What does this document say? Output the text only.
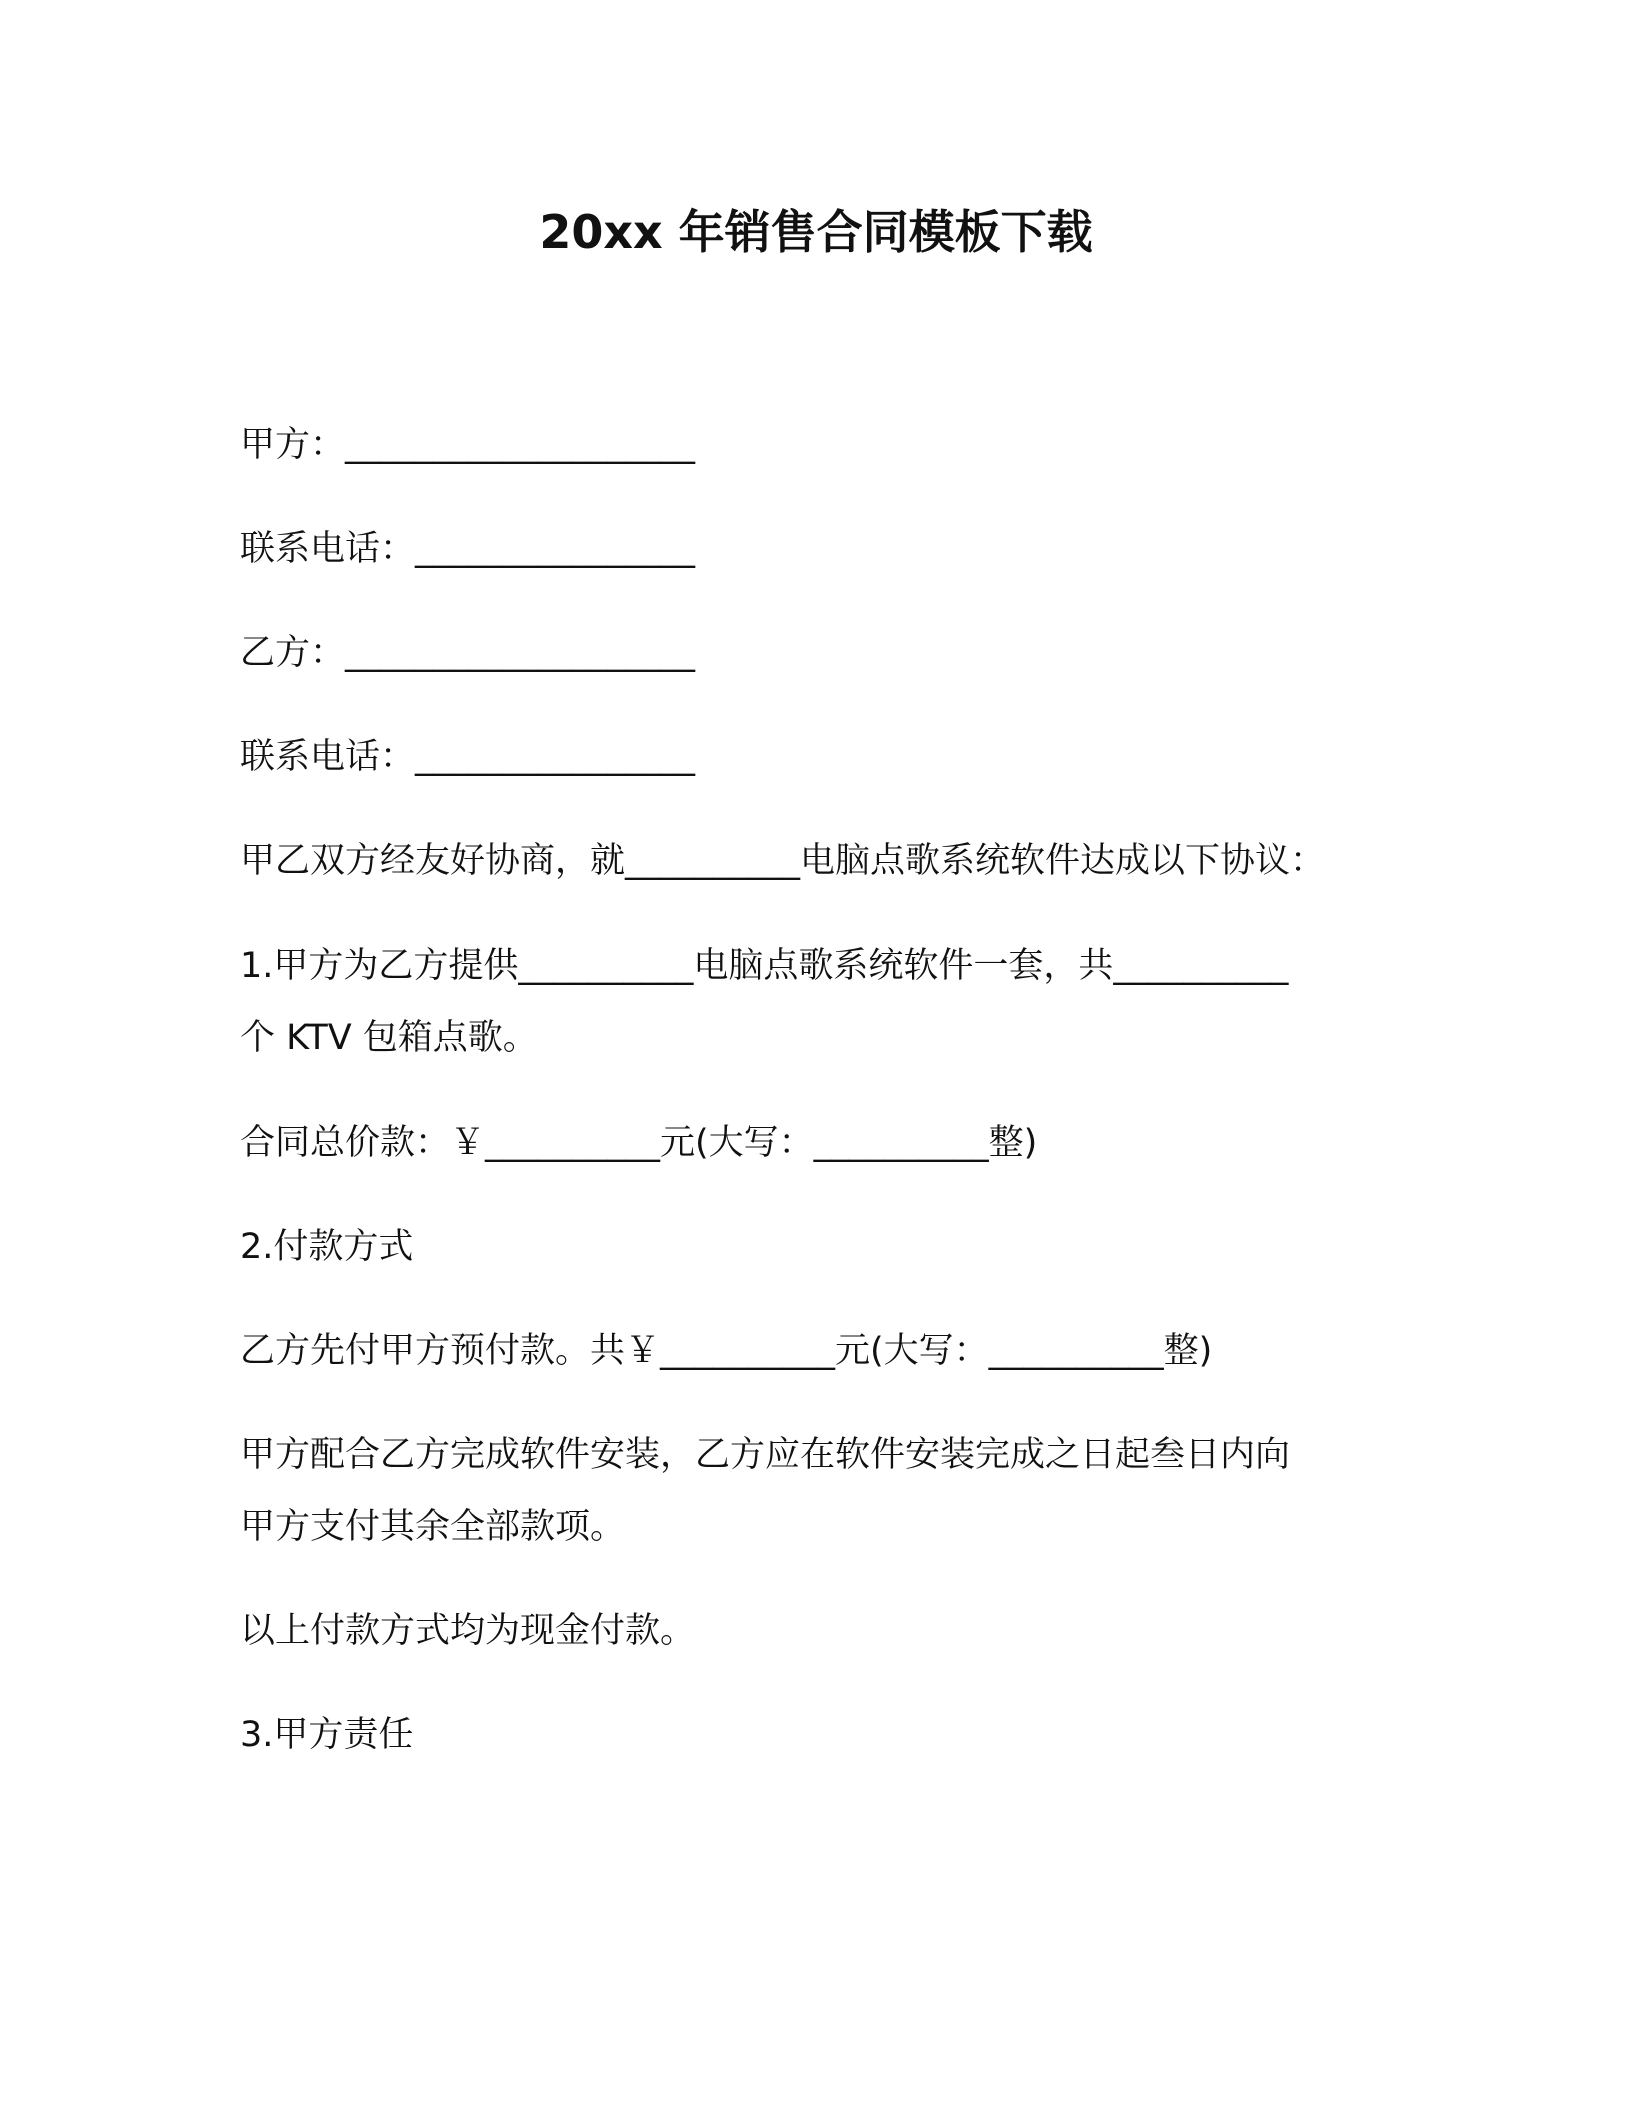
20xx 年销售合同模板下载
甲方：____________________
联系电话：________________
乙方：____________________
联系电话：________________
甲乙双方经友好协商，就__________电脑点歌系统软件达成以下协议：
1.甲方为乙方提供__________电脑点歌系统软件一套，共__________
个 KTV 包箱点歌。
合同总价款：￥__________元(大写：__________整)
2.付款方式
乙方先付甲方预付款。共￥__________元(大写：__________整)
甲方配合乙方完成软件安装，乙方应在软件安装完成之日起叁日内向
甲方支付其余全部款项。
以上付款方式均为现金付款。
3.甲方责任
